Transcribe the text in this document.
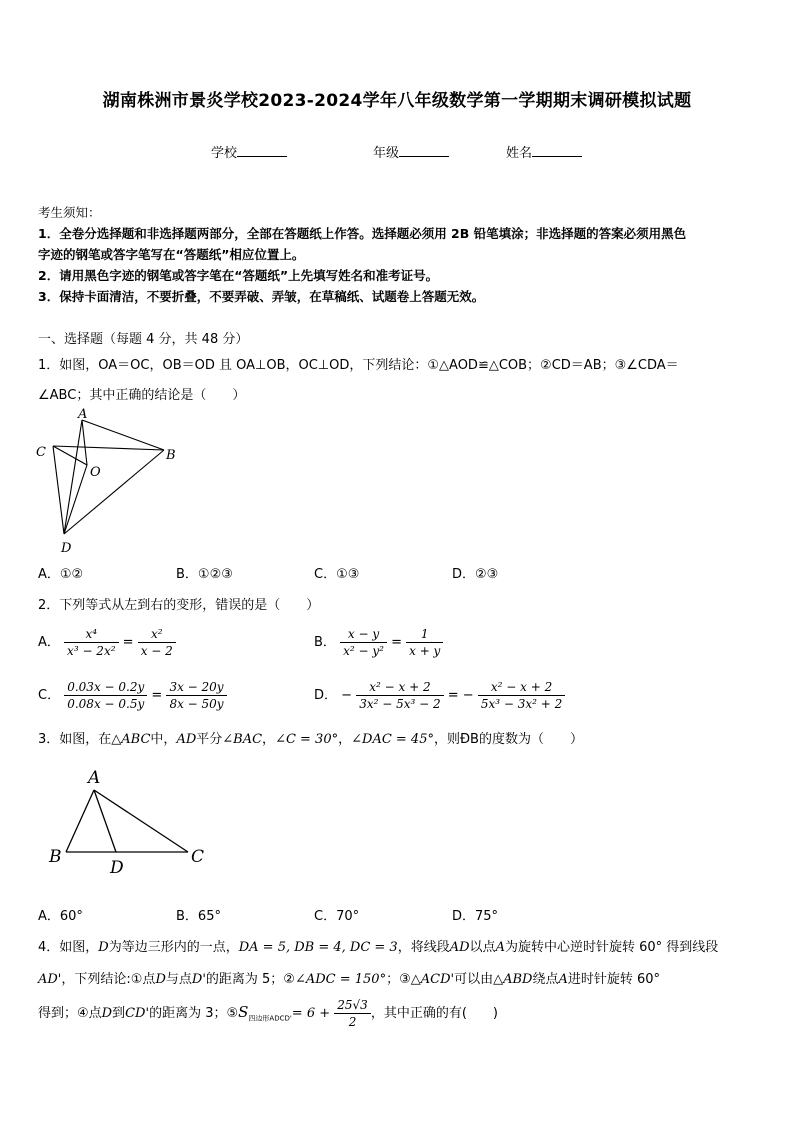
湖南株洲市景炎学校2023-2024学年八年级数学第一学期期末调研模拟试题
学校	年级	姓名
考生须知：
1．全卷分选择题和非选择题两部分，全部在答题纸上作答。选择题必须用 2B 铅笔填涂；非选择题的答案必须用黑色
字迹的钢笔或答字笔写在“答题纸”相应位置上。
2．请用黑色字迹的钢笔或答字笔在“答题纸”上先填写姓名和准考证号。
3．保持卡面清洁，不要折叠，不要弄破、弄皱，在草稿纸、试题卷上答题无效。
一、选择题（每题 4 分，共 48 分）
1．如图，OA＝OC，OB＝OD 且 OA⊥OB，OC⊥OD，下列结论：①△AOD≌△COB；②CD＝AB；③∠CDA＝
∠ABC；其中正确的结论是（　　）
A
C	B
O
D
A．①②	B．①②③	C．①③	D．②③
2．下列等式从左到右的变形，错误的是（　　）
A． $\frac{\text{x⁴}}{\text{x³ − 2x²}} = \frac{\text{x²}}{x - 2}$	B． $\frac{x - y}{\text{x² − y²}} = \frac{1}{x + y}$
C． $\frac{0.03x - 0.2y}{0.08x - 0.5y} = \frac{3x - 20y}{8x - 50y}$	D． − $\frac{\text{x² − x + 2}}{\text{3x² − 5x³ − 2}}$ = − $\frac{\text{x² − x + 2}}{\text{5x³ − 3x² + 2}}$
3．如图，在△ABC中，AD平分∠BAC，∠C = 30°，∠DAC = 45°，则ÐB的度数为（　　）
A
B	C
D
A．60°	B．65°	C．70°	D．75°
4．如图，D为等边三形内的一点，DA = 5, DB = 4, DC = 3，将线段AD以点A为旋转中心逆时针旋转 60° 得到线段
AD'，下列结论:①点D与点D'的距离为 5；②∠ADC = 150°；③△ACD'可以由△ABD绕点A进时针旋转 60°
得到；④点D到CD'的距离为 3；$⑤S_{四边形ADCD'}= 6 + \frac{25√3}{2}$ ，其中正确的有(　　)
